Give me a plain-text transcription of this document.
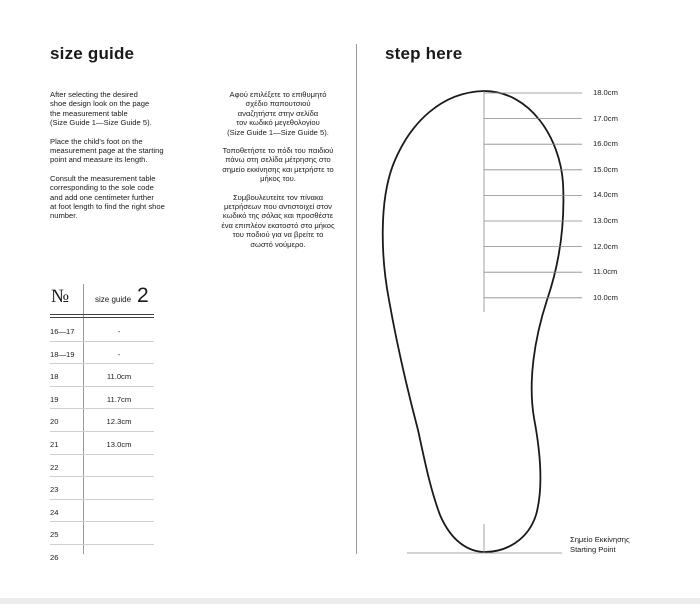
size guide	step here

After selecting the desired
shoe design look on the page
the measurement table
(Size Guide 1—Size Guide 5).

Place the child's foot on the
measurement page at the starting
point and measure its length.

Consult the measurement table
corresponding to the sole code
and add one centimeter further
at foot length to find the right shoe
number.

Αφού επιλέξετε το επιθυμητό
σχέδιο παπουτσιού
αναζητήστε στην σελίδα
τον κωδικό μεγεθολογίου
(Size Guide 1—Size Guide 5).

Τοποθετήστε το πόδι του παιδιού
πάνω στη σελίδα μέτρησης στο
σημείο εκκίνησης και μετρήστε το
μήκος του.

Συμβουλευτείτε τον πίνακα
μετρήσεων που αντιστοιχεί στον
κωδικό της σόλας και προσθέστε
ένα επιπλέον εκατοστό στο μήκος
του ποδιού για να βρείτε το
σωστό νούμερο.

№	size guide 2
16—17	-
18—19	-
18	11.0cm
19	11.7cm
20	12.3cm
21	13.0cm
22
23
24
25
26
18.0cm
17.0cm
16.0cm
15.0cm
14.0cm
13.0cm
12.0cm
11.0cm
10.0cm
Σημείο Εκκίνησης
Starting Point
